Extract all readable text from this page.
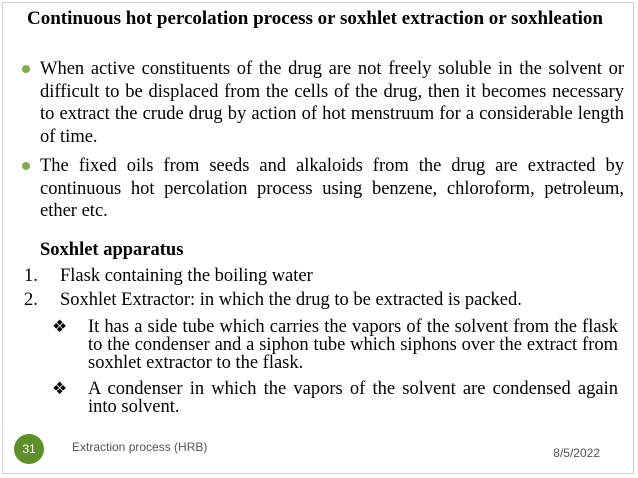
Continuous hot percolation process or soxhlet extraction or soxhleation
When active constituents of the drug are not freely soluble in the solvent or difficult to be displaced from the cells of the drug, then it becomes necessary to extract the crude drug by action of hot menstruum for a considerable length of time.
The fixed oils from seeds and alkaloids from the drug are extracted by continuous hot percolation process using benzene, chloroform, petroleum, ether etc.
Soxhlet apparatus
1. Flask containing the boiling water
2. Soxhlet Extractor: in which the drug to be extracted is packed.
❖ It has a side tube which carries the vapors of the solvent from the flask to the condenser and a siphon tube which siphons over the extract from soxhlet extractor to the flask.
❖ A condenser in which the vapors of the solvent are condensed again into solvent.
31	Extraction process (HRB)	8/5/2022
